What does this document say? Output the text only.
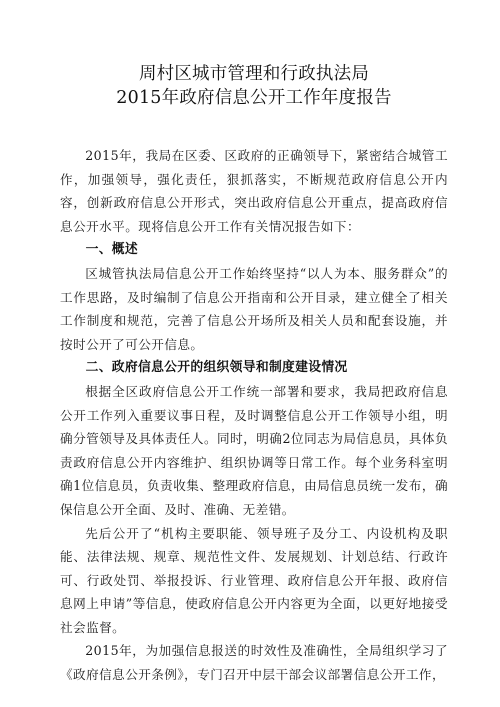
周村区城市管理和行政执法局
2015年政府信息公开工作年度报告

2015年，我局在区委、区政府的正确领导下，紧密结合城管工作，加强领导，强化责任，狠抓落实，不断规范政府信息公开内容，创新政府信息公开形式，突出政府信息公开重点，提高政府信息公开水平。现将信息公开工作有关情况报告如下：

一、概述

区城管执法局信息公开工作始终坚持“以人为本、服务群众”的工作思路，及时编制了信息公开指南和公开目录，建立健全了相关工作制度和规范，完善了信息公开场所及相关人员和配套设施，并按时公开了可公开信息。

二、政府信息公开的组织领导和制度建设情况

根据全区政府信息公开工作统一部署和要求，我局把政府信息公开工作列入重要议事日程，及时调整信息公开工作领导小组，明确分管领导及具体责任人。同时，明确2位同志为局信息员，具体负责政府信息公开内容维护、组织协调等日常工作。每个业务科室明确1位信息员，负责收集、整理政府信息，由局信息员统一发布，确保信息公开全面、及时、准确、无差错。

先后公开了“机构主要职能、领导班子及分工、内设机构及职能、法律法规、规章、规范性文件、发展规划、计划总结、行政许可、行政处罚、举报投诉、行业管理、政府信息公开年报、政府信息网上申请”等信息，使政府信息公开内容更为全面，以更好地接受社会监督。

2015年，为加强信息报送的时效性及准确性，全局组织学习了《政府信息公开条例》，专门召开中层干部会议部署信息公开工作，
